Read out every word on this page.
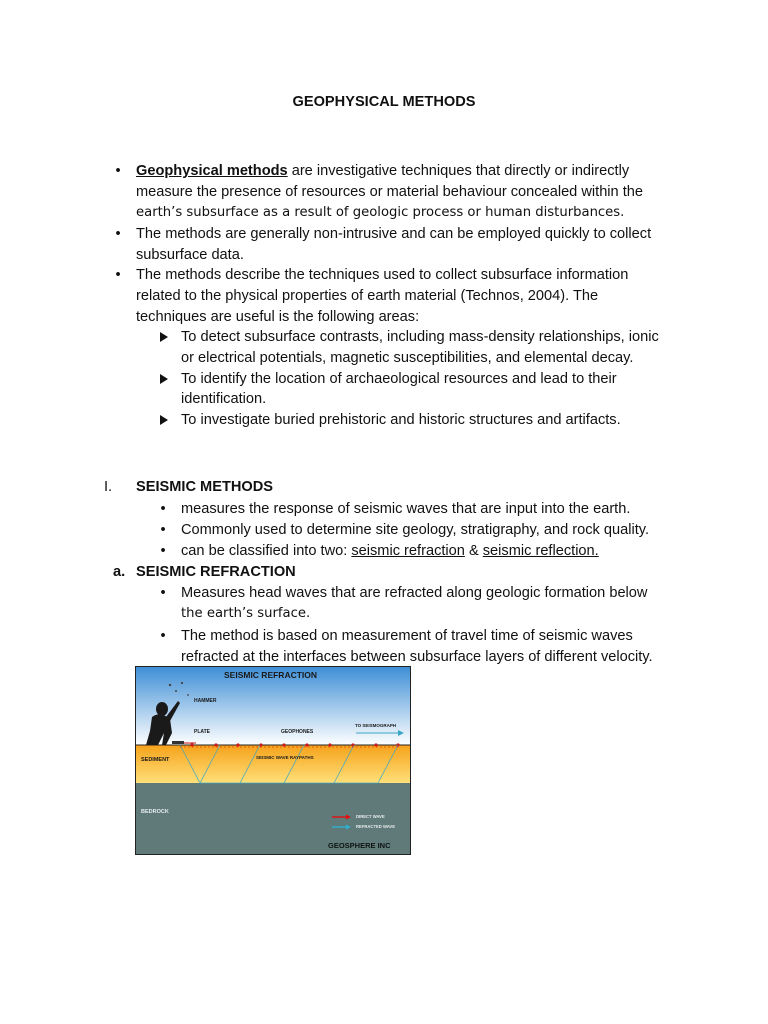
GEOPHYSICAL METHODS
• Geophysical methods are investigative techniques that directly or indirectly
measure the presence of resources or material behaviour concealed within the
earth’s subsurface as a result of geologic process or human disturbances.
• The methods are generally non-intrusive and can be employed quickly to collect
subsurface data.
• The methods describe the techniques used to collect subsurface information
related to the physical properties of earth material (Technos, 2004). The
techniques are useful is the following areas:
To detect subsurface contrasts, including mass-density relationships, ionic
or electrical potentials, magnetic susceptibilities, and elemental decay.
To identify the location of archaeological resources and lead to their
identification.
To investigate buried prehistoric and historic structures and artifacts.
I. SEISMIC METHODS
• measures the response of seismic waves that are input into the earth.
• Commonly used to determine site geology, stratigraphy, and rock quality.
• can be classified into two: seismic refraction & seismic reflection.
a. SEISMIC REFRACTION
• Measures head waves that are refracted along geologic formation below
the earth’s surface.
• The method is based on measurement of travel time of seismic waves
refracted at the interfaces between subsurface layers of different velocity.
SEISMIC REFRACTION
HAMMER
PLATE	GEOPHONES
TO SEISMOGRAPH
SEDIMENT	SEISMIC WAVE RAYPATHS
BEDROCK
DIRECT WAVE
REFRACTED WAVE
GEOSPHERE INC
